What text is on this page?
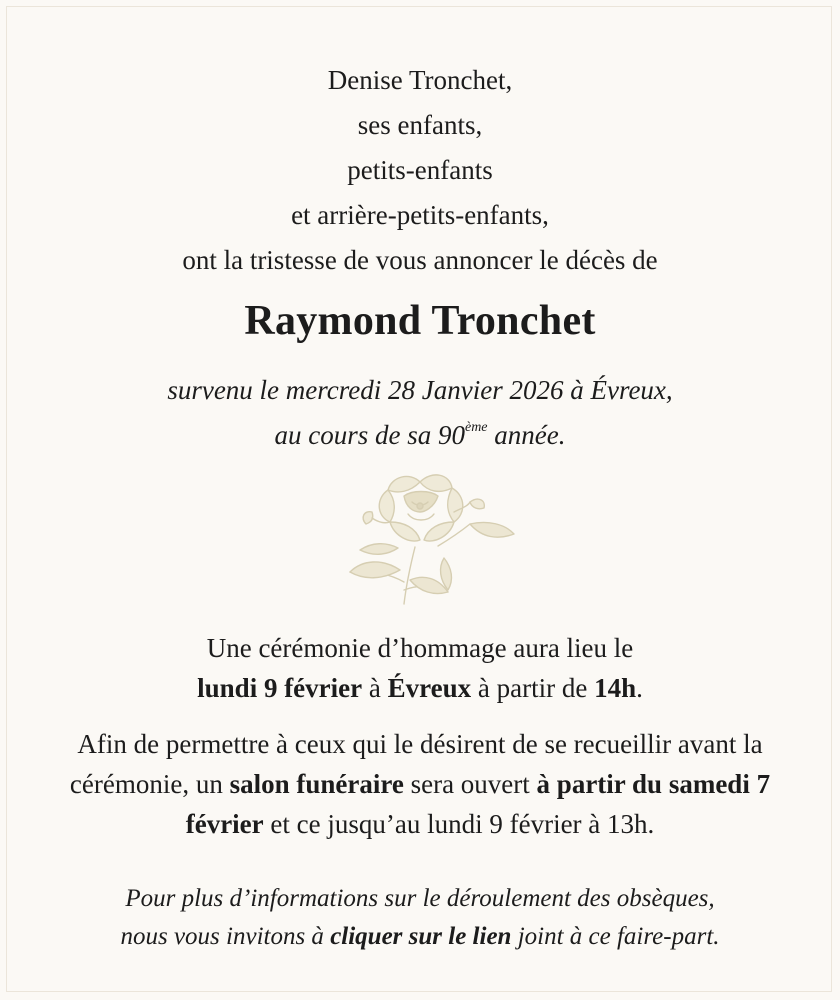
Denise Tronchet,
ses enfants,
petits-enfants
et arrière-petits-enfants,
ont la tristesse de vous annoncer le décès de
Raymond Tronchet
survenu le mercredi 28 Janvier 2026 à Évreux,
au cours de sa 90ème année.
Une cérémonie d’hommage aura lieu le
lundi 9 février à Évreux à partir de 14h.
Afin de permettre à ceux qui le désirent de se recueillir avant la cérémonie, un salon funéraire sera ouvert à partir du samedi 7 février et ce jusqu’au lundi 9 février à 13h.
Pour plus d’informations sur le déroulement des obsèques,
nous vous invitons à cliquer sur le lien joint à ce faire-part.
